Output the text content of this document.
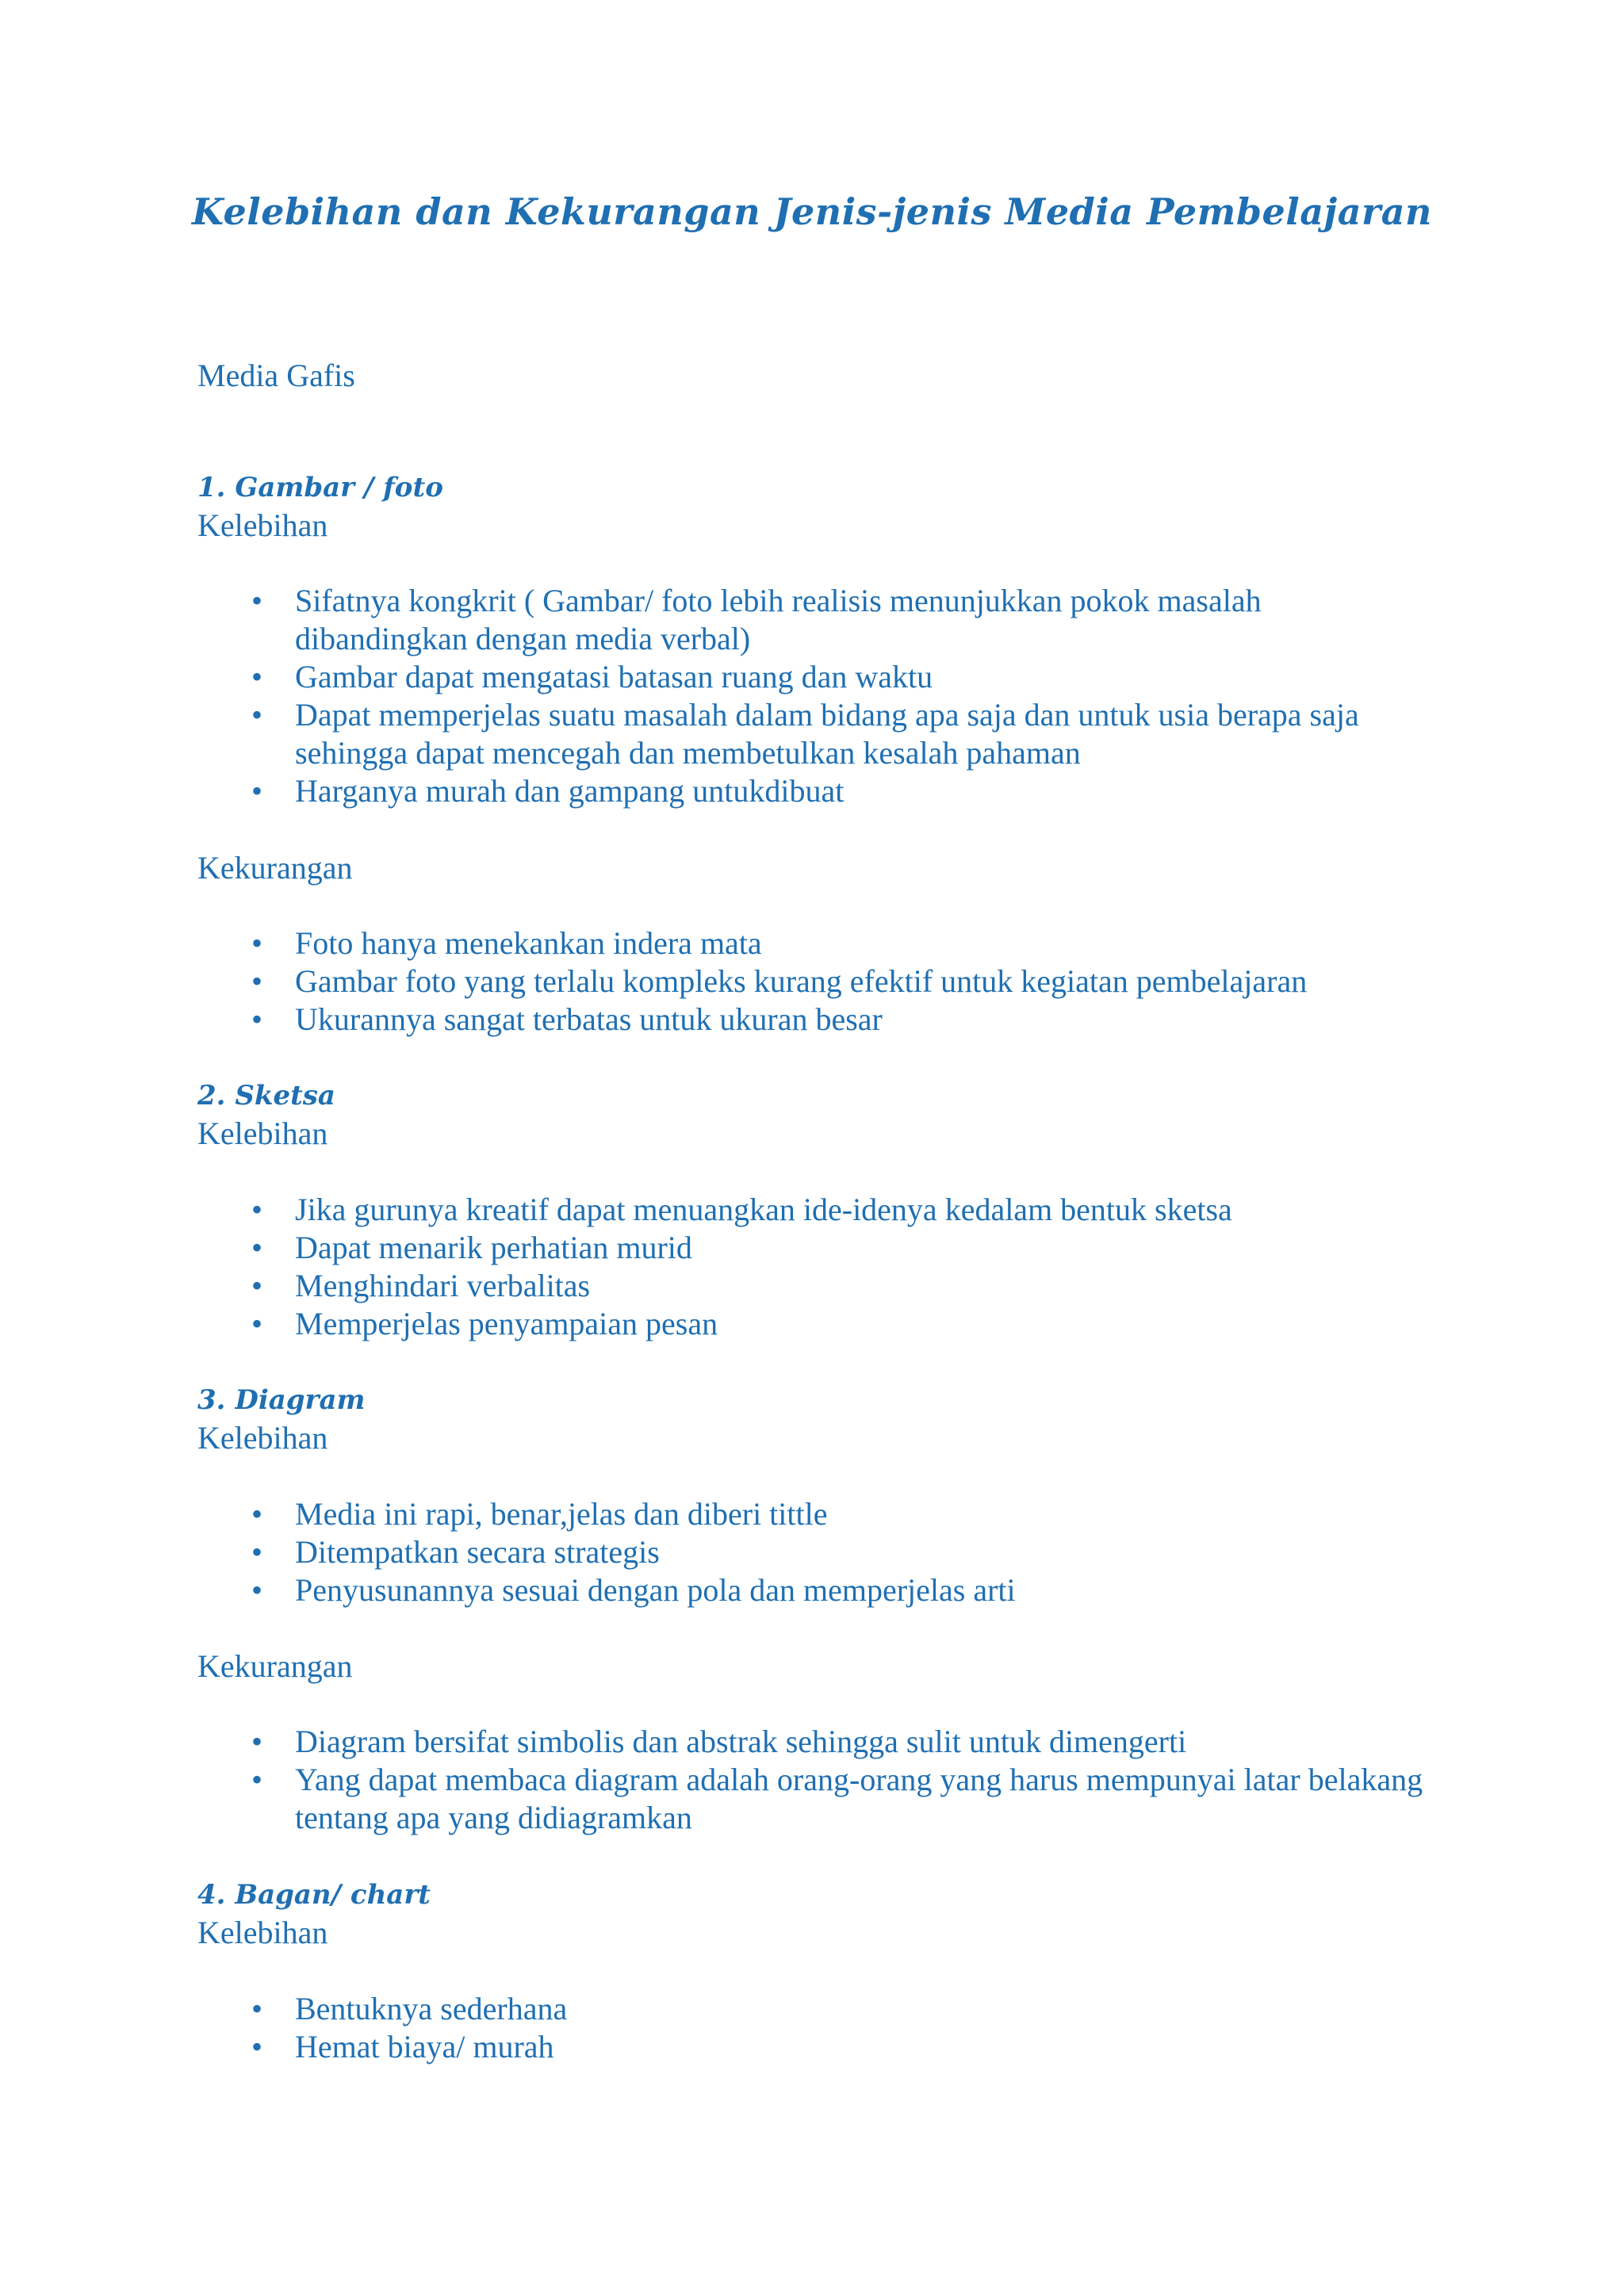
Kelebihan dan Kekurangan Jenis-jenis Media Pembelajaran

Media Gafis

1. Gambar / foto

Kelebihan

• Sifatnya kongkrit ( Gambar/ foto lebih realisis menunjukkan pokok masalah dibandingkan dengan media verbal)
• Gambar dapat mengatasi batasan ruang dan waktu
• Dapat memperjelas suatu masalah dalam bidang apa saja dan untuk usia berapa saja sehingga dapat mencegah dan membetulkan kesalah pahaman
• Harganya murah dan gampang untukdibuat

Kekurangan

• Foto hanya menekankan indera mata
• Gambar foto yang terlalu kompleks kurang efektif untuk kegiatan pembelajaran
• Ukurannya sangat terbatas untuk ukuran besar

2. Sketsa

Kelebihan

• Jika gurunya kreatif dapat menuangkan ide-idenya kedalam bentuk sketsa
• Dapat menarik perhatian murid
• Menghindari verbalitas
• Memperjelas penyampaian pesan

3. Diagram

Kelebihan

• Media ini rapi, benar,jelas dan diberi tittle
• Ditempatkan secara strategis
• Penyusunannya sesuai dengan pola dan memperjelas arti

Kekurangan

• Diagram bersifat simbolis dan abstrak sehingga sulit untuk dimengerti
• Yang dapat membaca diagram adalah orang-orang yang harus mempunyai latar belakang tentang apa yang didiagramkan

4. Bagan/ chart

Kelebihan

• Bentuknya sederhana
• Hemat biaya/ murah
